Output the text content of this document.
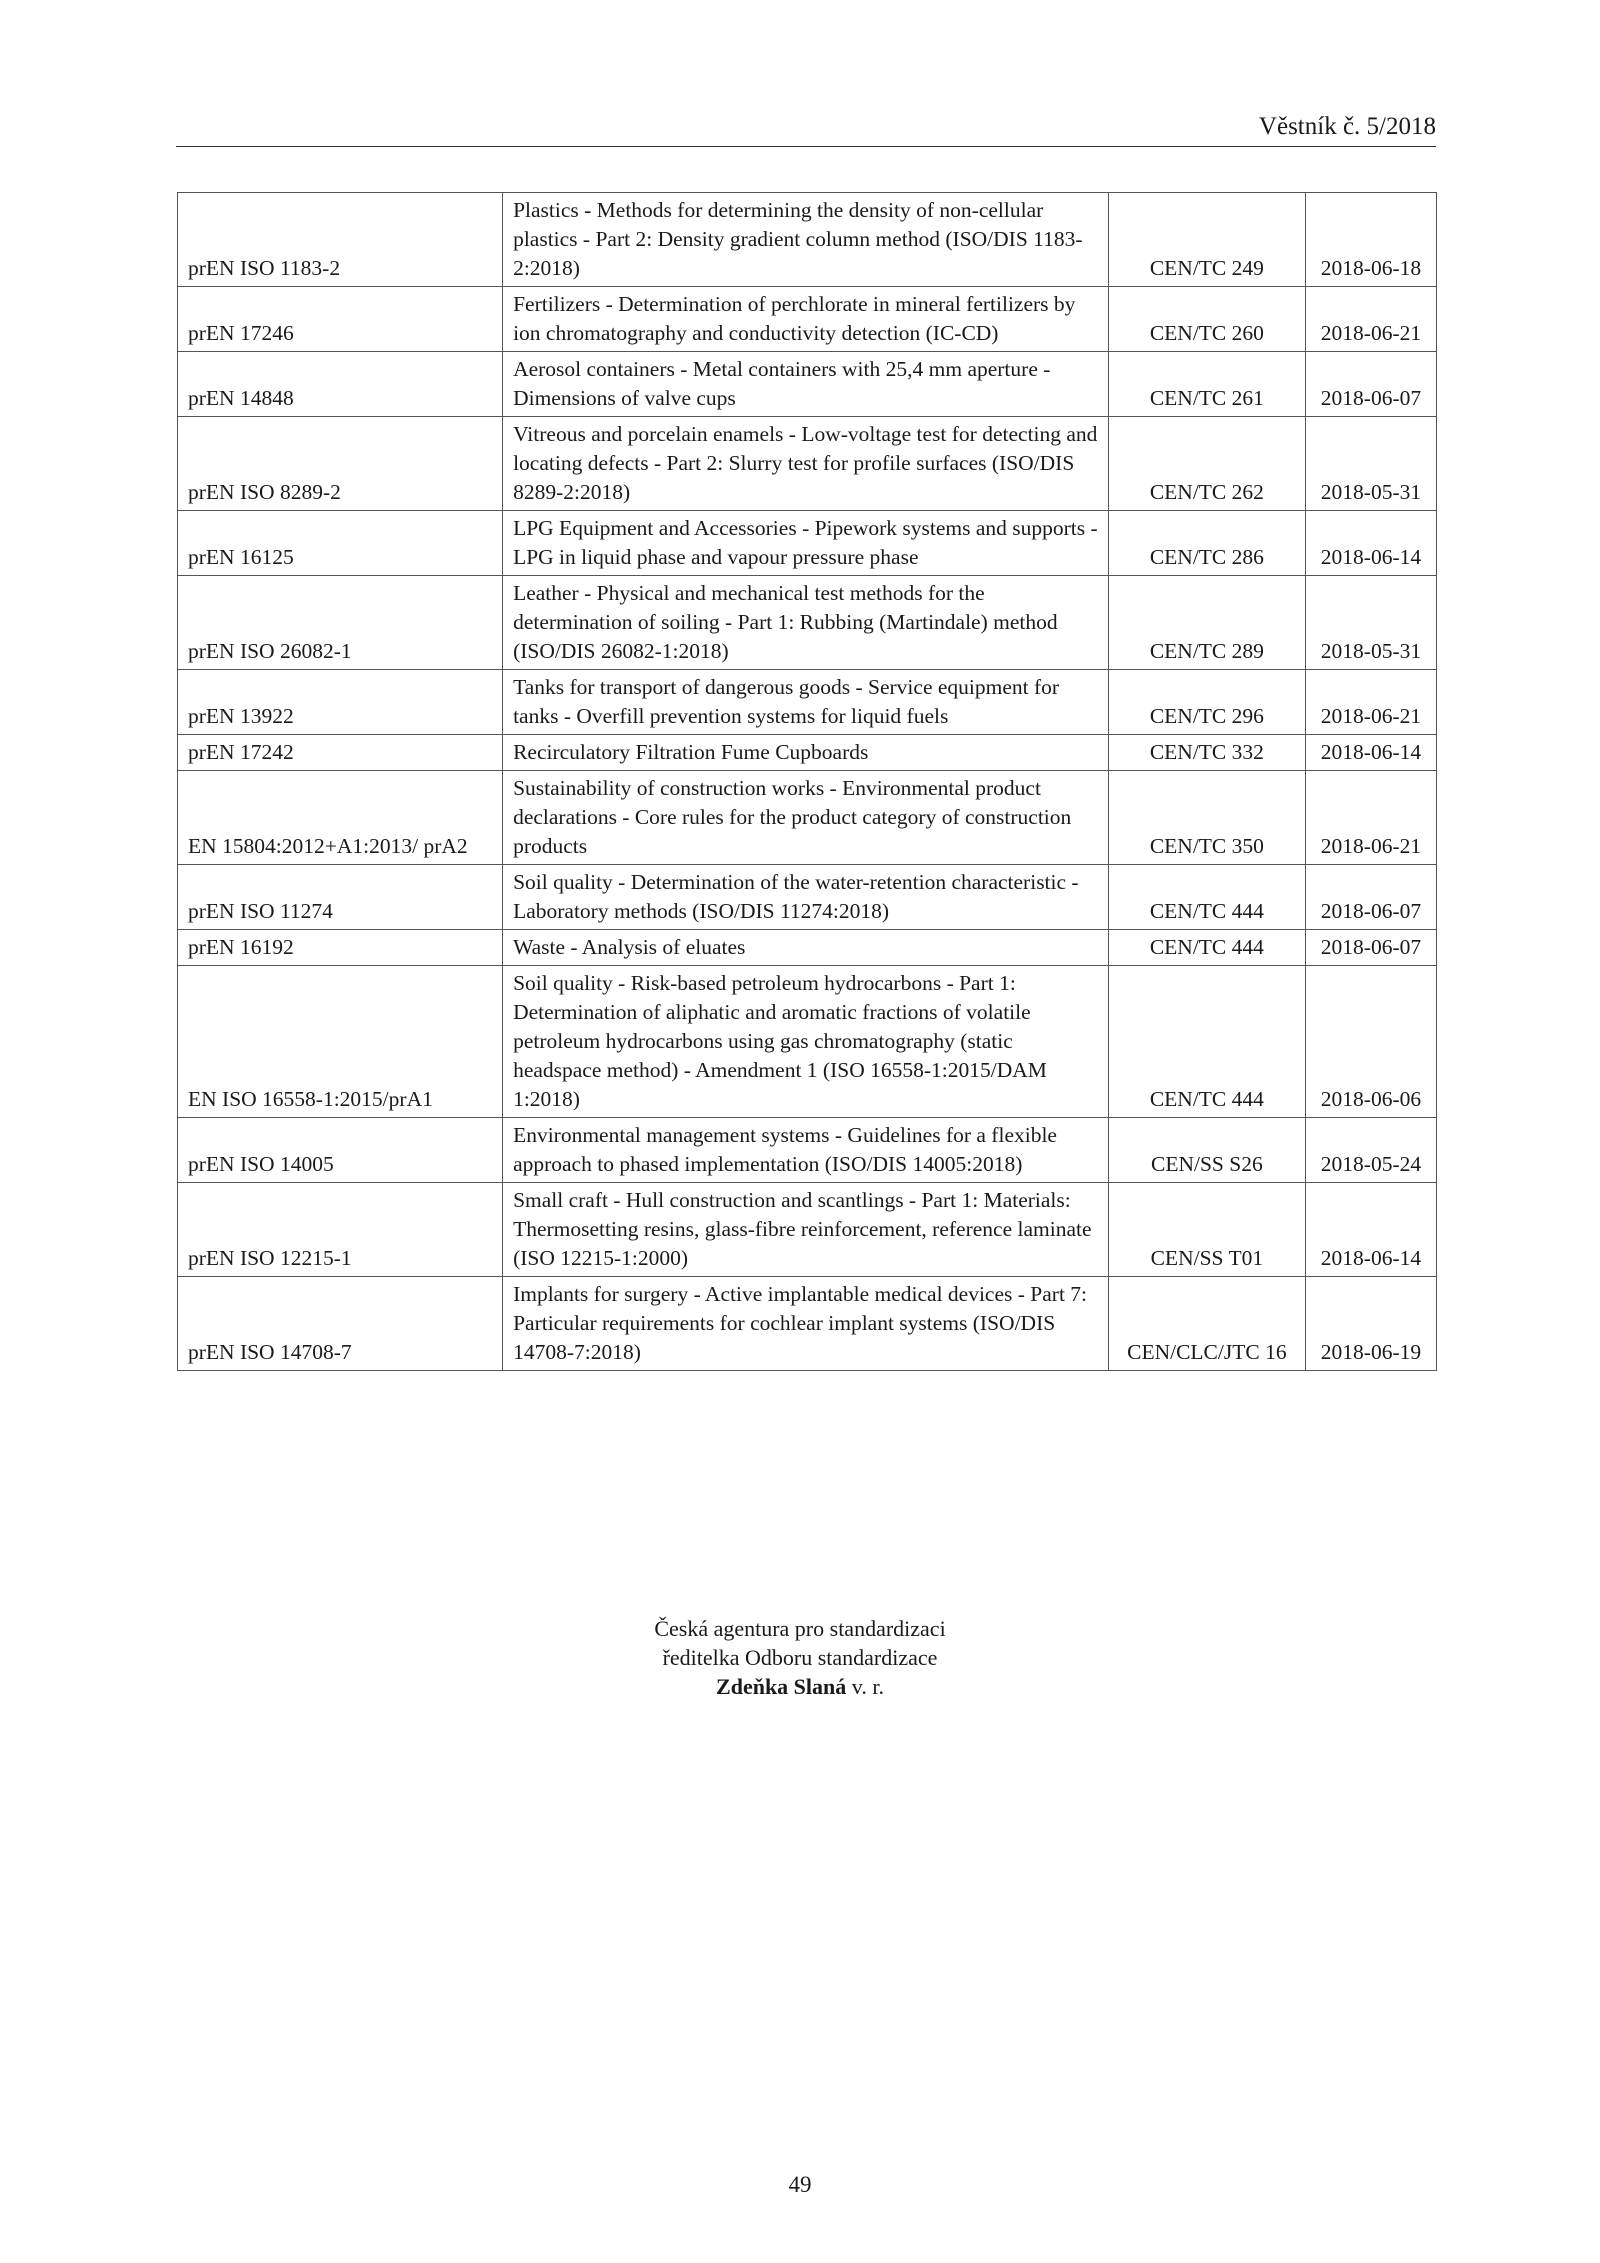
Věstník č. 5/2018
prEN ISO 1183-2	Plastics - Methods for determining the density of non-cellular plastics - Part 2: Density gradient column method (ISO/DIS 1183-2:2018)	CEN/TC 249	2018-06-18
prEN 17246	Fertilizers - Determination of perchlorate in mineral fertilizers by ion chromatography and conductivity detection (IC-CD)	CEN/TC 260	2018-06-21
prEN 14848	Aerosol containers - Metal containers with 25,4 mm aperture - Dimensions of valve cups	CEN/TC 261	2018-06-07
prEN ISO 8289-2	Vitreous and porcelain enamels - Low-voltage test for detecting and locating defects - Part 2: Slurry test for profile surfaces (ISO/DIS 8289-2:2018)	CEN/TC 262	2018-05-31
prEN 16125	LPG Equipment and Accessories - Pipework systems and supports - LPG in liquid phase and vapour pressure phase	CEN/TC 286	2018-06-14
prEN ISO 26082-1	Leather - Physical and mechanical test methods for the determination of soiling - Part 1: Rubbing (Martindale) method (ISO/DIS 26082-1:2018)	CEN/TC 289	2018-05-31
prEN 13922	Tanks for transport of dangerous goods - Service equipment for tanks - Overfill prevention systems for liquid fuels	CEN/TC 296	2018-06-21
prEN 17242	Recirculatory Filtration Fume Cupboards	CEN/TC 332	2018-06-14
EN 15804:2012+A1:2013/ prA2	Sustainability of construction works - Environmental product declarations - Core rules for the product category of construction products	CEN/TC 350	2018-06-21
prEN ISO 11274	Soil quality - Determination of the water-retention characteristic - Laboratory methods (ISO/DIS 11274:2018)	CEN/TC 444	2018-06-07
prEN 16192	Waste - Analysis of eluates	CEN/TC 444	2018-06-07
EN ISO 16558-1:2015/prA1	Soil quality - Risk-based petroleum hydrocarbons - Part 1: Determination of aliphatic and aromatic fractions of volatile petroleum hydrocarbons using gas chromatography (static headspace method) - Amendment 1 (ISO 16558-1:2015/DAM 1:2018)	CEN/TC 444	2018-06-06
prEN ISO 14005	Environmental management systems - Guidelines for a flexible approach to phased implementation (ISO/DIS 14005:2018)	CEN/SS S26	2018-05-24
prEN ISO 12215-1	Small craft - Hull construction and scantlings - Part 1: Materials: Thermosetting resins, glass-fibre reinforcement, reference laminate (ISO 12215-1:2000)	CEN/SS T01	2018-06-14
prEN ISO 14708-7	Implants for surgery - Active implantable medical devices - Part 7: Particular requirements for cochlear implant systems (ISO/DIS 14708-7:2018)	CEN/CLC/JTC 16	2018-06-19
Česká agentura pro standardizaci
ředitelka Odboru standardizace
Zdeňka Slaná v. r.
49
